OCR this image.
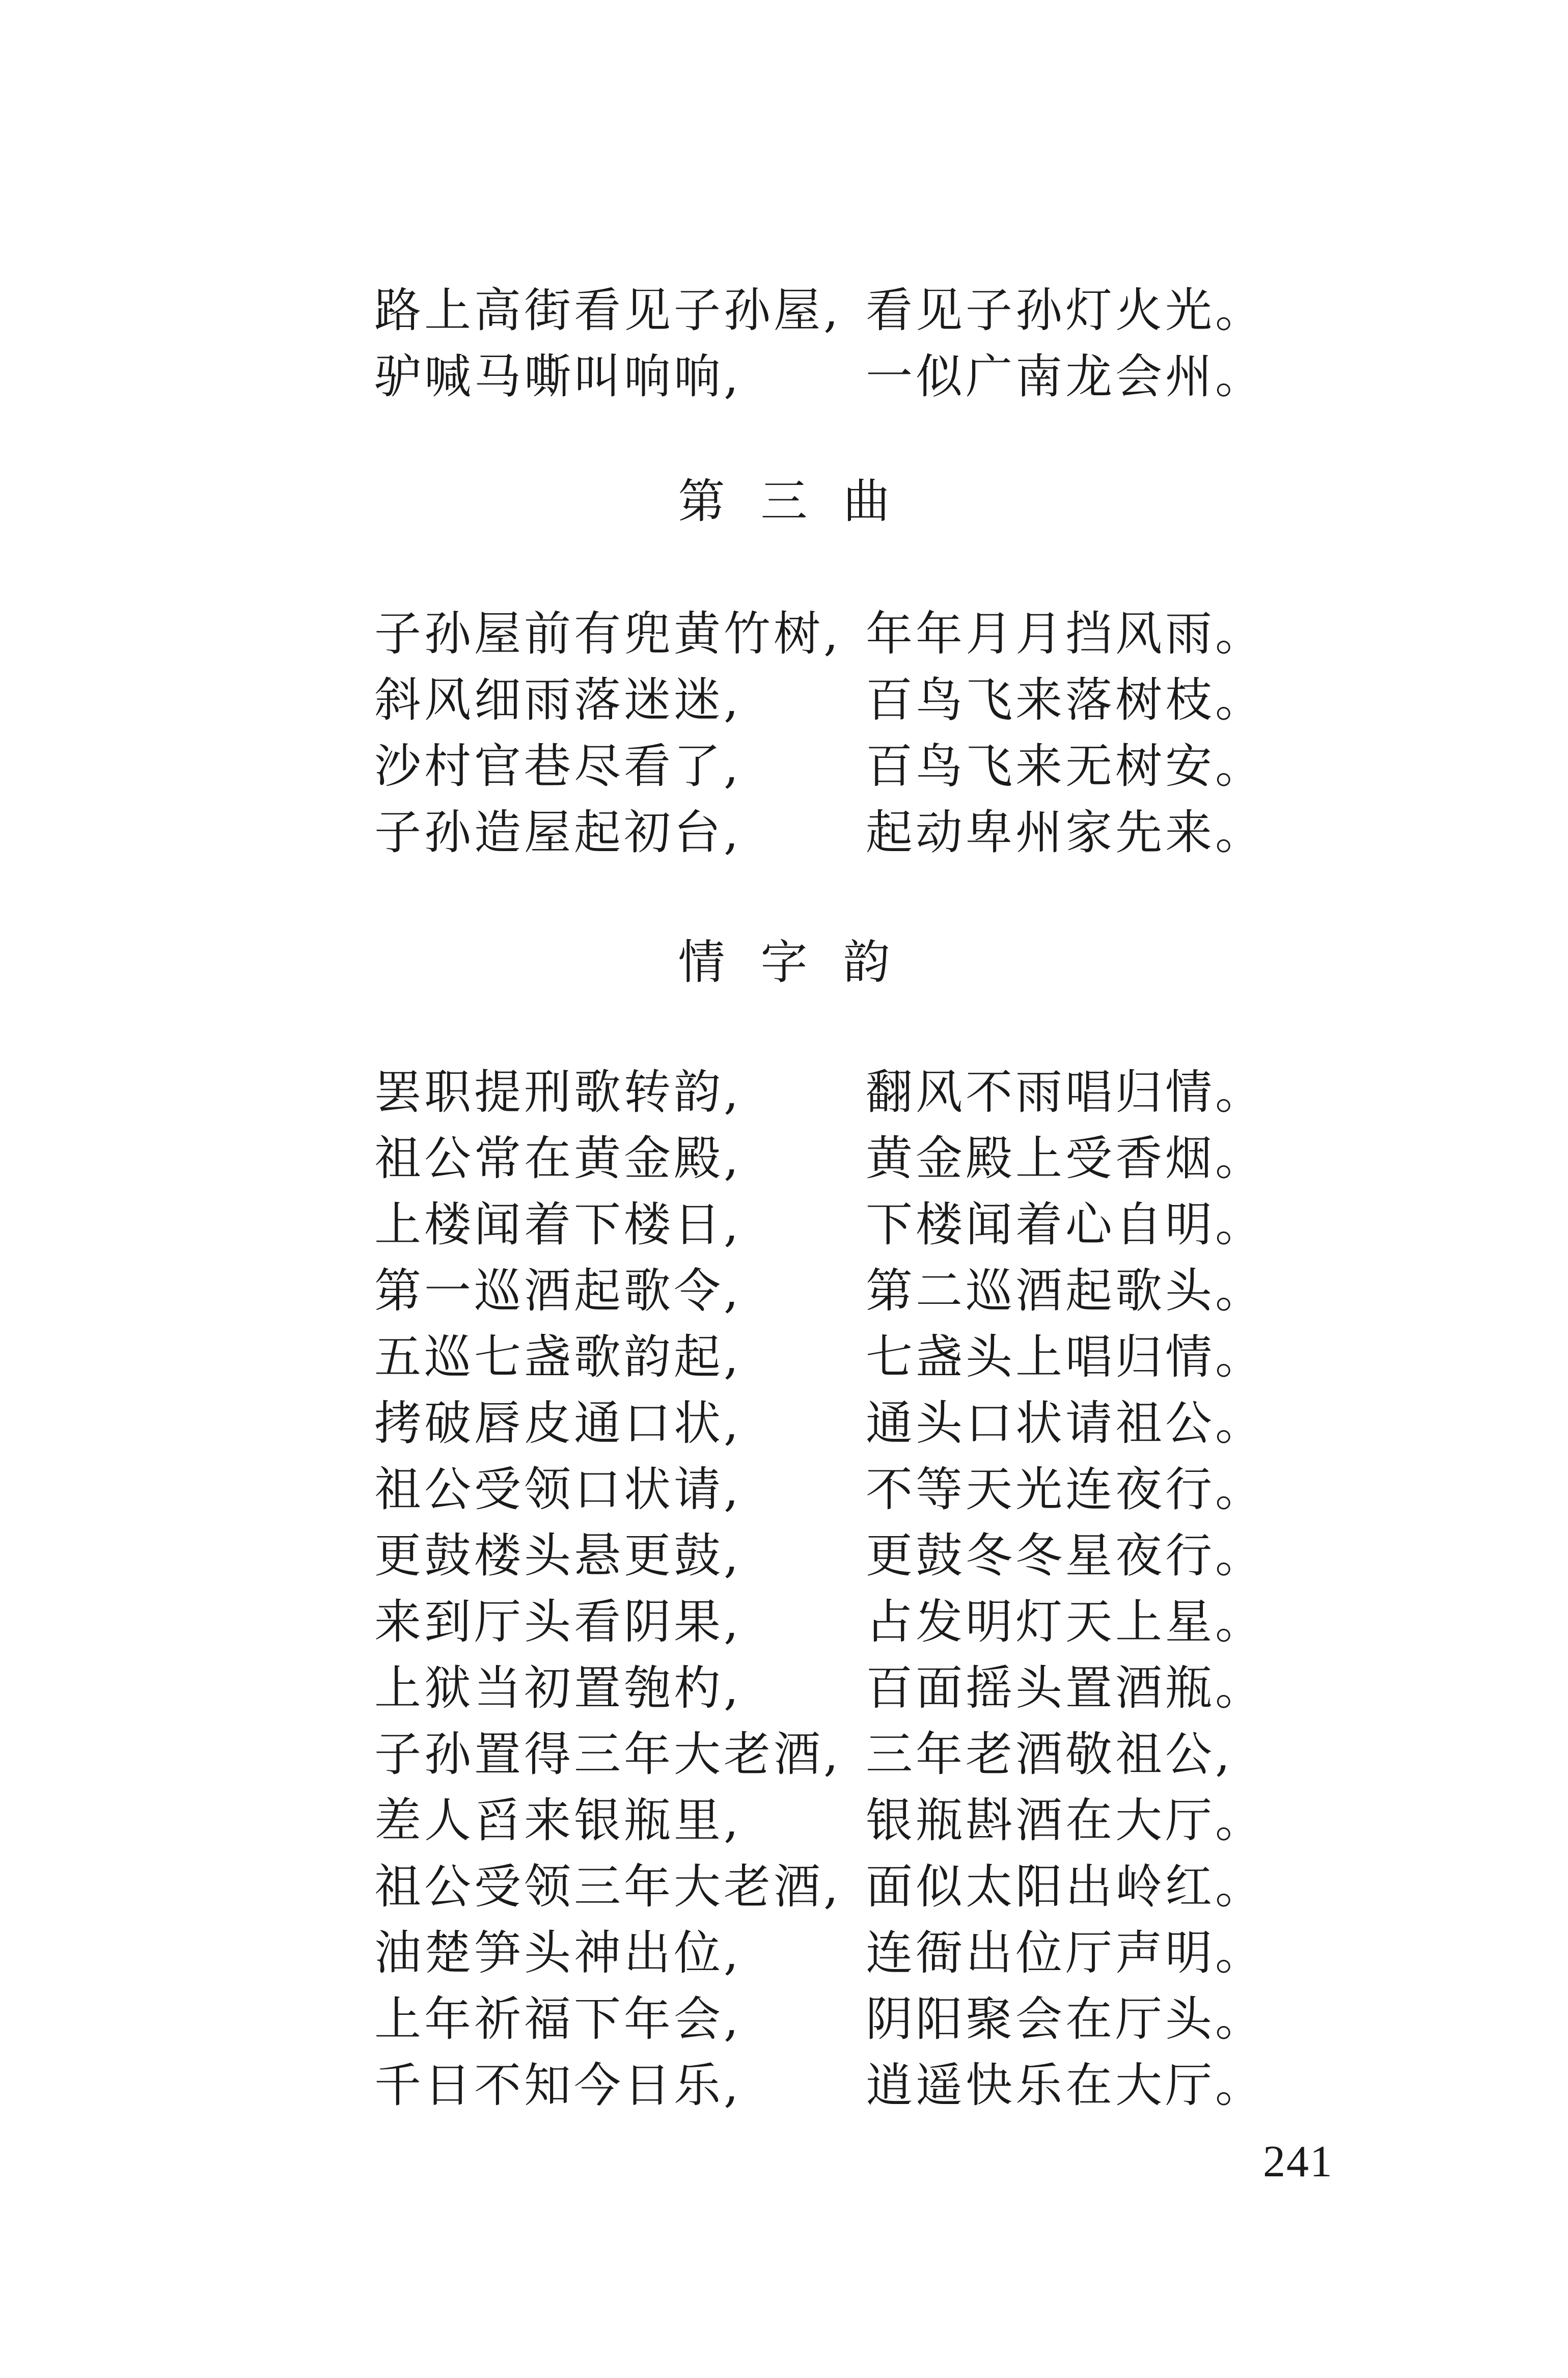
路上高街看见子孙屋, 看见子孙灯火光。
驴喊马嘶叫响响,	一似广南龙会州。
第三曲
子孙屋前有兜黄竹树, 年年月月挡风雨。
斜风细雨落迷迷,	百鸟飞来落树枝。
沙村官巷尽看了,	百鸟飞来无树安。
子孙造屋起初台,	起动卑州家先来。
情字韵
罢职提刑歌转韵,	翻风不雨唱归情。
祖公常在黄金殿,	黄金殿上受香烟。
上楼闻着下楼日,	下楼闻着心自明。
第一巡酒起歌令,	第二巡酒起歌头。
五巡七盏歌韵起,	七盏头上唱归情。
拷破唇皮通口状,	通头口状请祖公。
祖公受领口状请,	不等天光连夜行。
更鼓楼头悬更鼓,	更鼓冬冬星夜行。
来到厅头看阴果,	占发明灯天上星。
上狱当初置匏杓,	百面摇头置酒瓶。
子孙置得三年大老酒, 三年老酒敬祖公,
差人舀来银瓶里,	银瓶斟酒在大厅。
祖公受领三年大老酒, 面似太阳出岭红。
油楚笋头神出位,	连衙出位厅声明。
上年祈福下年会,	阴阳聚会在厅头。
千日不知今日乐,	逍遥快乐在大厅。
241
